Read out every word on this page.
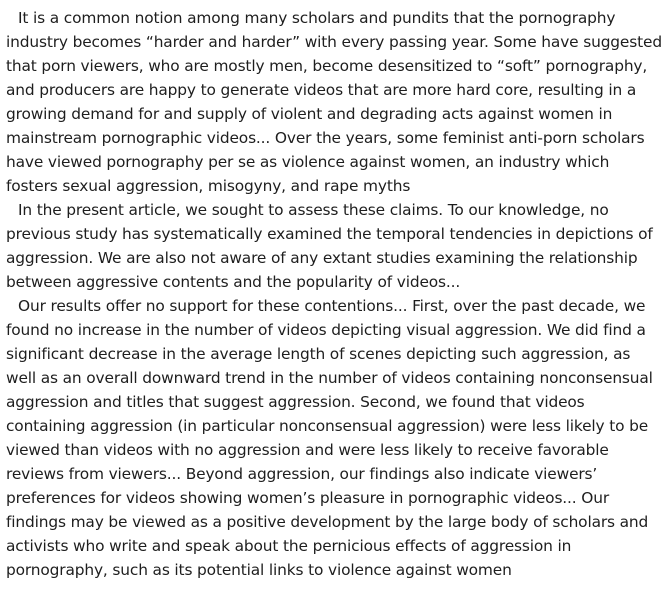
It is a common notion among many scholars and pundits that the pornography industry becomes “harder and harder” with every passing year. Some have suggested that porn viewers, who are mostly men, become desensitized to “soft” pornography, and producers are happy to generate videos that are more hard core, resulting in a growing demand for and supply of violent and degrading acts against women in mainstream pornographic videos... Over the years, some feminist anti-porn scholars have viewed pornography per se as violence against women, an industry which fosters sexual aggression, misogyny, and rape myths

In the present article, we sought to assess these claims. To our knowledge, no previous study has systematically examined the temporal tendencies in depictions of aggression. We are also not aware of any extant studies examining the relationship between aggressive contents and the popularity of videos...

Our results offer no support for these contentions... First, over the past decade, we found no increase in the number of videos depicting visual aggression. We did find a significant decrease in the average length of scenes depicting such aggression, as well as an overall downward trend in the number of videos containing nonconsensual aggression and titles that suggest aggression. Second, we found that videos containing aggression (in particular nonconsensual aggression) were less likely to be viewed than videos with no aggression and were less likely to receive favorable reviews from viewers... Beyond aggression, our findings also indicate viewers’ preferences for videos showing women’s pleasure in pornographic videos... Our findings may be viewed as a positive development by the large body of scholars and activists who write and speak about the pernicious effects of aggression in pornography, such as its potential links to violence against women
